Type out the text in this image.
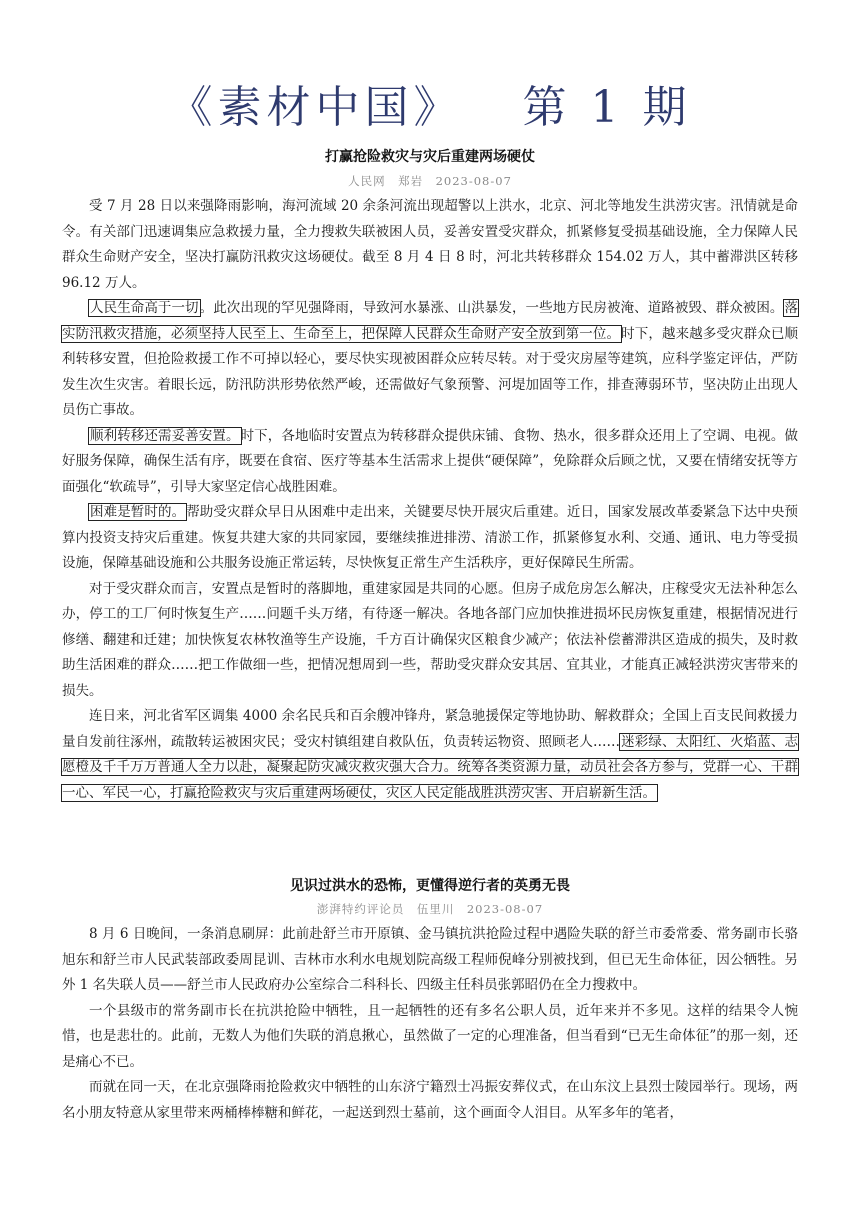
《素材中国》 第 1 期
打赢抢险救灾与灾后重建两场硬仗
人民网　郑岩　2023-08-07

受 7 月 28 日以来强降雨影响，海河流域 20 余条河流出现超警以上洪水，北京、河北等地发生洪涝灾害。汛情就是命令。有关部门迅速调集应急救援力量，全力搜救失联被困人员，妥善安置受灾群众，抓紧修复受损基础设施，全力保障人民群众生命财产安全，坚决打赢防汛救灾这场硬仗。截至 8 月 4 日 8 时，河北共转移群众 154.02 万人，其中蓄滞洪区转移 96.12 万人。

人民生命高于一切。此次出现的罕见强降雨，导致河水暴涨、山洪暴发，一些地方民房被淹、道路被毁、群众被困。落实防汛救灾措施，必须坚持人民至上、生命至上，把保障人民群众生命财产安全放到第一位。时下，越来越多受灾群众已顺利转移安置，但抢险救援工作不可掉以轻心，要尽快实现被困群众应转尽转。对于受灾房屋等建筑，应科学鉴定评估，严防发生次生灾害。着眼长远，防汛防洪形势依然严峻，还需做好气象预警、河堤加固等工作，排查薄弱环节，坚决防止出现人员伤亡事故。

顺利转移还需妥善安置。时下，各地临时安置点为转移群众提供床铺、食物、热水，很多群众还用上了空调、电视。做好服务保障，确保生活有序，既要在食宿、医疗等基本生活需求上提供“硬保障”，免除群众后顾之忧，又要在情绪安抚等方面强化“软疏导”，引导大家坚定信心战胜困难。

困难是暂时的。帮助受灾群众早日从困难中走出来，关键要尽快开展灾后重建。近日，国家发展改革委紧急下达中央预算内投资支持灾后重建。恢复共建大家的共同家园，要继续推进排涝、清淤工作，抓紧修复水利、交通、通讯、电力等受损设施，保障基础设施和公共服务设施正常运转，尽快恢复正常生产生活秩序，更好保障民生所需。

对于受灾群众而言，安置点是暂时的落脚地，重建家园是共同的心愿。但房子成危房怎么解决，庄稼受灾无法补种怎么办，停工的工厂何时恢复生产……问题千头万绪，有待逐一解决。各地各部门应加快推进损坏民房恢复重建，根据情况进行修缮、翻建和迁建；加快恢复农林牧渔等生产设施，千方百计确保灾区粮食少减产；依法补偿蓄滞洪区造成的损失，及时救助生活困难的群众……把工作做细一些，把情况想周到一些，帮助受灾群众安其居、宜其业，才能真正减轻洪涝灾害带来的损失。

连日来，河北省军区调集 4000 余名民兵和百余艘冲锋舟，紧急驰援保定等地协助、解救群众；全国上百支民间救援力量自发前往涿州，疏散转运被困灾民；受灾村镇组建自救队伍，负责转运物资、照顾老人……迷彩绿、太阳红、火焰蓝、志愿橙及千千万万普通人全力以赴，凝聚起防灾减灾救灾强大合力。统筹各类资源力量，动员社会各方参与，党群一心、干群一心、军民一心，打赢抢险救灾与灾后重建两场硬仗，灾区人民定能战胜洪涝灾害、开启崭新生活。

见识过洪水的恐怖，更懂得逆行者的英勇无畏
澎湃特约评论员　伍里川　2023-08-07

8 月 6 日晚间，一条消息刷屏：此前赴舒兰市开原镇、金马镇抗洪抢险过程中遇险失联的舒兰市委常委、常务副市长骆旭东和舒兰市人民武装部政委周昆训、吉林市水利水电规划院高级工程师倪峰分别被找到，但已无生命体征，因公牺牲。另外 1 名失联人员——舒兰市人民政府办公室综合二科科长、四级主任科员张郭昭仍在全力搜救中。

一个县级市的常务副市长在抗洪抢险中牺牲，且一起牺牲的还有多名公职人员，近年来并不多见。这样的结果令人惋惜，也是悲壮的。此前，无数人为他们失联的消息揪心，虽然做了一定的心理准备，但当看到“已无生命体征”的那一刻，还是痛心不已。

而就在同一天，在北京强降雨抢险救灾中牺牲的山东济宁籍烈士冯振安葬仪式，在山东汶上县烈士陵园举行。现场，两名小朋友特意从家里带来两桶棒棒糖和鲜花，一起送到烈士墓前，这个画面令人泪目。从军多年的笔者，
